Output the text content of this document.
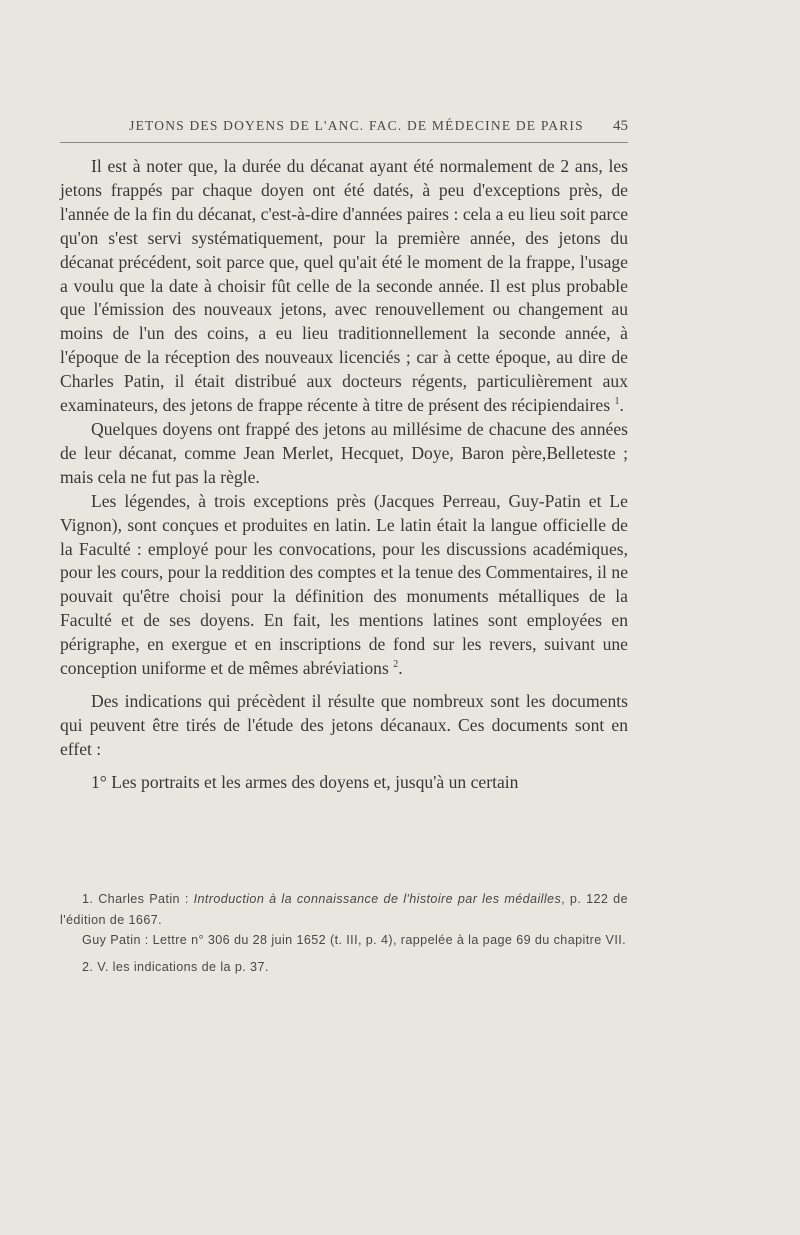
JETONS DES DOYENS DE L'ANC. FAC. DE MÉDECINE DE PARIS	45

Il est à noter que, la durée du décanat ayant été normalement de 2 ans, les jetons frappés par chaque doyen ont été datés, à peu d'exceptions près, de l'année de la fin du décanat, c'est-à-dire d'années paires : cela a eu lieu soit parce qu'on s'est servi systématiquement, pour la première année, des jetons du décanat précédent, soit parce que, quel qu'ait été le moment de la frappe, l'usage a voulu que la date à choisir fût celle de la seconde année. Il est plus probable que l'émission des nouveaux jetons, avec renouvellement ou changement au moins de l'un des coins, a eu lieu traditionnellement la seconde année, à l'époque de la réception des nouveaux licenciés ; car à cette époque, au dire de Charles Patin, il était distribué aux docteurs régents, particulièrement aux examinateurs, des jetons de frappe récente à titre de présent des récipiendaires $^1$.

Quelques doyens ont frappé des jetons au millésime de chacune des années de leur décanat, comme Jean Merlet, Hecquet, Doye, Baron père,Belleteste ; mais cela ne fut pas la règle.

Les légendes, à trois exceptions près (Jacques Perreau, Guy-Patin et Le Vignon), sont conçues et produites en latin. Le latin était la langue officielle de la Faculté : employé pour les convocations, pour les discussions académiques, pour les cours, pour la reddition des comptes et la tenue des Commentaires, il ne pouvait qu'être choisi pour la définition des monuments métalliques de la Faculté et de ses doyens. En fait, les mentions latines sont employées en périgraphe, en exergue et en inscriptions de fond sur les revers, suivant une conception uniforme et de mêmes abréviations $^2$.

Des indications qui précèdent il résulte que nombreux sont les documents qui peuvent être tirés de l'étude des jetons décanaux. Ces documents sont en effet :

1° Les portraits et les armes des doyens et, jusqu'à un certain

1. Charles Patin : Introduction à la connaissance de l'histoire par les médailles, p. 122 de l'édition de 1667.

Guy Patin : Lettre n° 306 du 28 juin 1652 (t. III, p. 4), rappelée à la page 69 du chapitre VII.

2. V. les indications de la p. 37.
